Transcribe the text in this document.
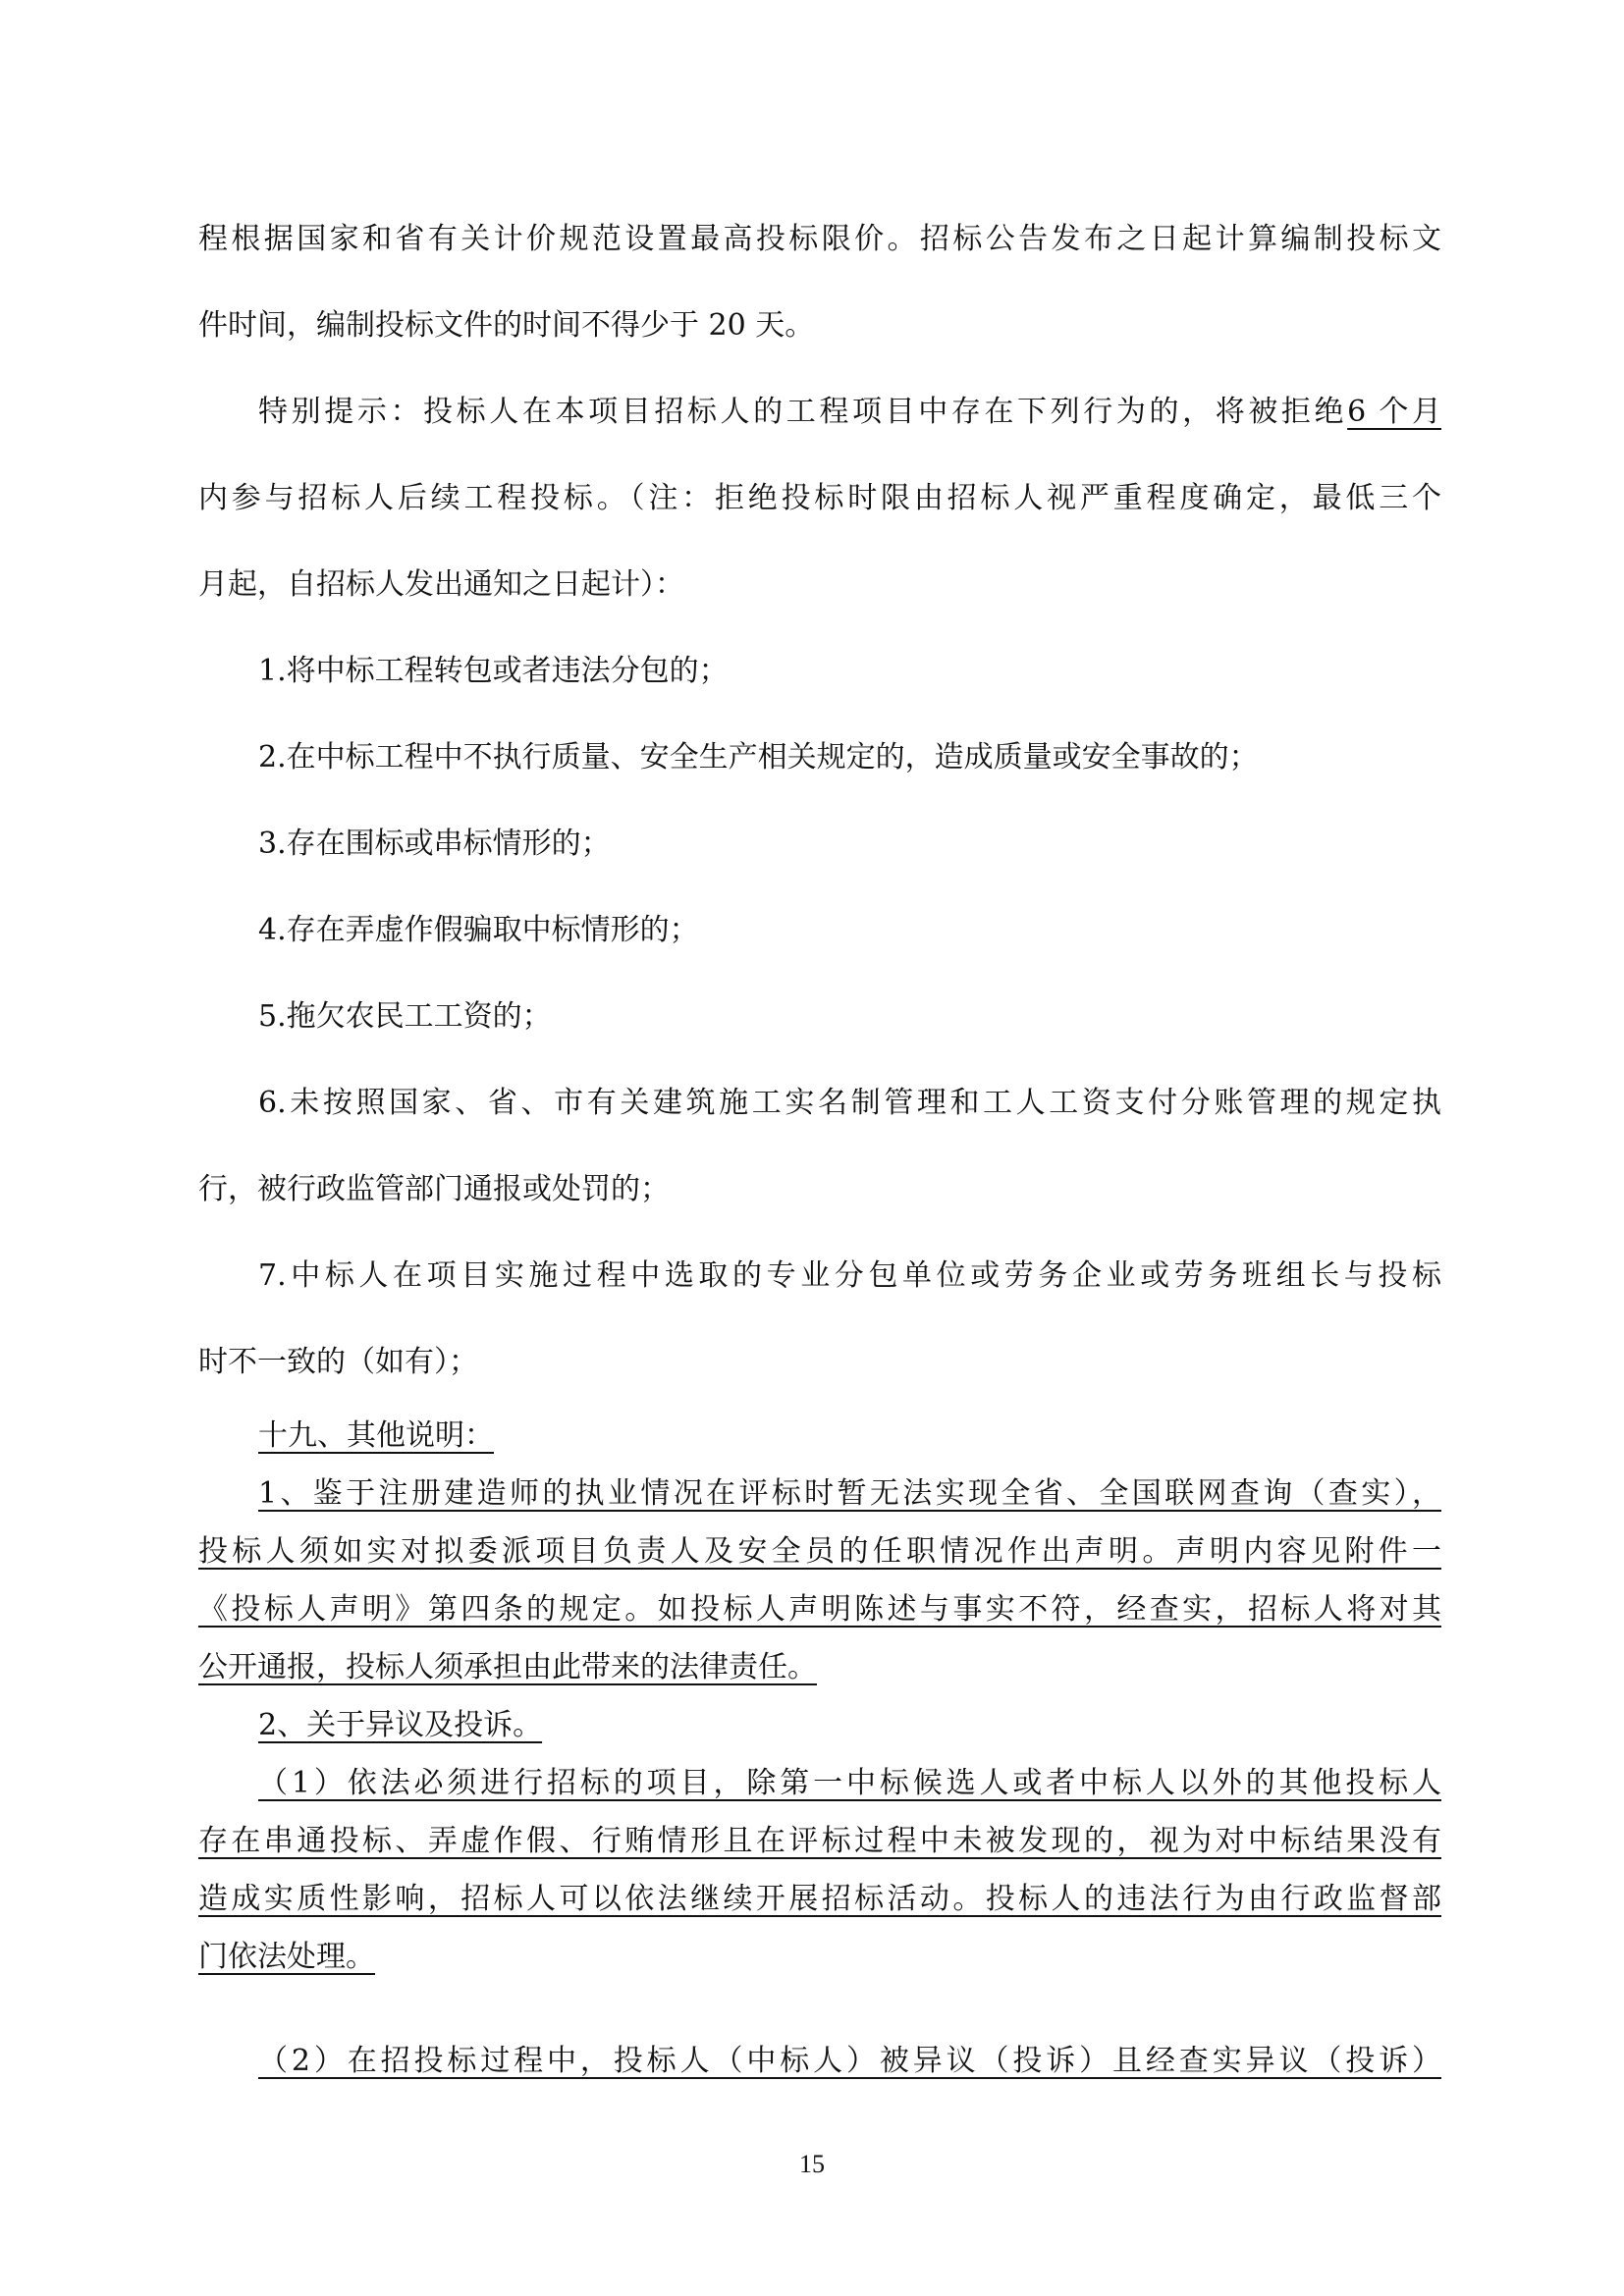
程根据国家和省有关计价规范设置最高投标限价。招标公告发布之日起计算编制投标文

件时间，编制投标文件的时间不得少于 20 天。

特别提示：投标人在本项目招标人的工程项目中存在下列行为的，将被拒绝6 个月

内参与招标人后续工程投标。（注：拒绝投标时限由招标人视严重程度确定，最低三个

月起，自招标人发出通知之日起计）：

1.将中标工程转包或者违法分包的；

2.在中标工程中不执行质量、安全生产相关规定的，造成质量或安全事故的；

3.存在围标或串标情形的；

4.存在弄虚作假骗取中标情形的；

5.拖欠农民工工资的；

6.未按照国家、省、市有关建筑施工实名制管理和工人工资支付分账管理的规定执

行，被行政监管部门通报或处罚的；

7.中标人在项目实施过程中选取的专业分包单位或劳务企业或劳务班组长与投标

时不一致的（如有）；

十九、其他说明：

1、鉴于注册建造师的执业情况在评标时暂无法实现全省、全国联网查询（查实），

投标人须如实对拟委派项目负责人及安全员的任职情况作出声明。声明内容见附件一

《投标人声明》第四条的规定。如投标人声明陈述与事实不符，经查实，招标人将对其

公开通报，投标人须承担由此带来的法律责任。

2、关于异议及投诉。

（1）依法必须进行招标的项目，除第一中标候选人或者中标人以外的其他投标人

存在串通投标、弄虚作假、行贿情形且在评标过程中未被发现的，视为对中标结果没有

造成实质性影响，招标人可以依法继续开展招标活动。投标人的违法行为由行政监督部

门依法处理。

（2）在招投标过程中，投标人（中标人）被异议（投诉）且经查实异议（投诉）

15
